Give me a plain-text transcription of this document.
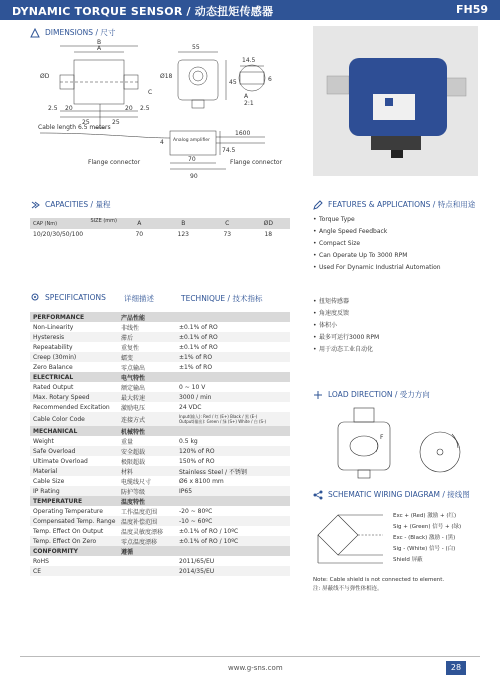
DYNAMIC TORQUE SENSOR / 动态扭矩传感器	FH59
DIMENSIONS / 尺寸
B
A	55
14.5
ØD	Ø18
C
45
2.5 20	20 2.5
25	25
A
2:1
6
Cable length 6.5 meters
Analog amplifier
1600
4
74.5
70
90
Flange connector	Flange connector
CAPACITIES / 量程
CAP (Nm) SIZE (mm)	A	B	C	ØD
10/20/30/50/100	70	123	73	18
FEATURES & APPLICATIONS / 特点和用途
• Torque Type
• Angle Speed Feedback
• Compact Size
• Can Operate Up To 3000 RPM
• Used For Dynamic Industrial Automation
• 扭矩传感器
• 角速度反馈
• 体积小
• 最多可运行3000 RPM
• 用于动态工业自动化
SPECIFICATIONS 详细描述	TECHNIQUE / 技术指标
PERFORMANCE	产品性能	
Non-Linearity	非线性	±0.1% of RO
Hysteresis	滞后	±0.1% of RO
Repeatability	重复性	±0.1% of RO
Creep (30min)	蠕变	±1% of RO
Zero Balance	零点输出	±1% of RO
ELECTRICAL	电气特性	
Rated Output	额定输出	0 ~ 10 V
Max. Rotary Speed	最大转速	3000 / min
Recommended Excitation	激励电压	24 VDC
Cable Color Code	连接方式	Input(输入): Red / 红 (E+) Black / 黑 (E-)
Output(输出): Green / 绿 (S+) White / 白 (S-)

MECHANICAL	机械特性	
Weight	重量	0.5 kg
Safe Overload	安全超载	120% of RO
Ultimate Overload	极限超载	150% of RO
Material	材料	Stainless Steel / 不锈钢
Cable Size	电缆线尺寸	Ø6 x 8100 mm
IP Rating	防护等级	IP65
TEMPERATURE	温度特性	
Operating Temperature	工作温度范围	-20 ~ 80ºC
Compensated Temp. Range	温度补偿范围	-10 ~ 60ºC
Temp. Effect On Output	温度灵敏度漂移	±0.1% of RO / 10ºC
Temp. Effect On Zero	零点温度漂移	±0.1% of RO / 10ºC
CONFORMITY	遵循	
RoHS		2011/65/EU
CE		2014/35/EU
LOAD DIRECTION / 受力方向
F
SCHEMATIC WIRING DIAGRAM / 接线图
Exc + (Red) 激励 + (红)
Sig + (Green) 信号 + (绿)
Exc - (Black) 激励 - (黑)
Sig - (White) 信号 - (白)
Shield 屏蔽
Note: Cable shield is not connected to element.
注: 屏蔽线不与弹性体相连。
www.g-sns.com	28
